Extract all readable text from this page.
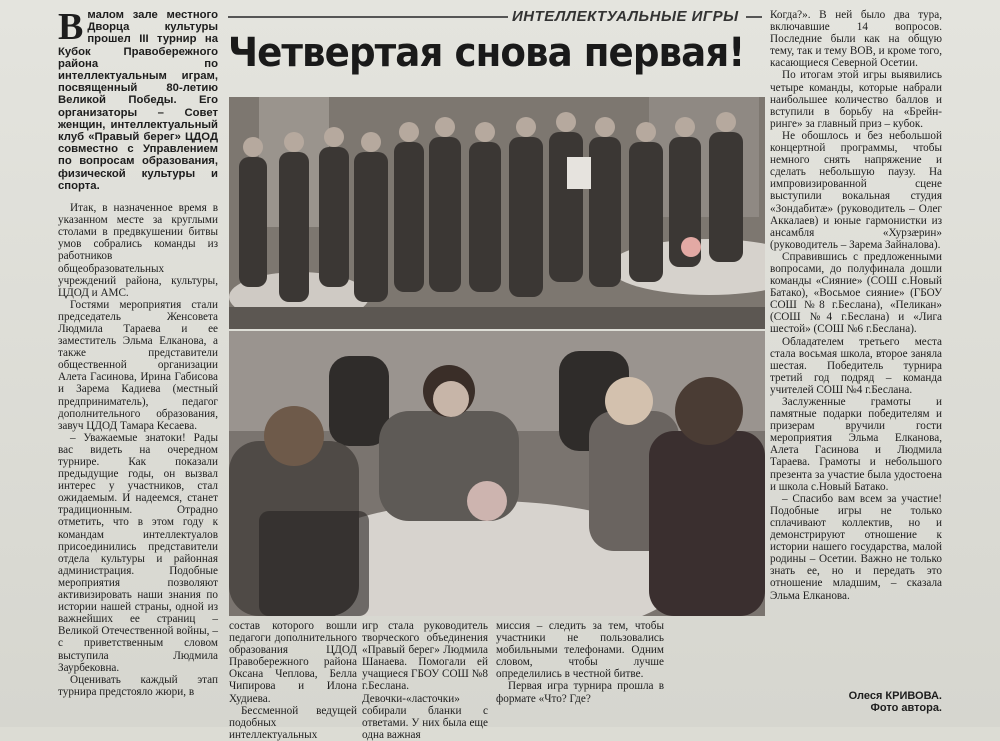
В малом зале местного Дворца культуры прошел III турнир на Кубок Правобережного района по интеллектуальным играм, посвященный 80-летию Великой Победы. Его организаторы – Совет женщин, интеллектуальный клуб «Правый берег» ЦДОД совместно с Управлением по вопросам образования, физической культуры и спорта.

Итак, в назначенное время в указанном месте за круглыми столами в предвкушении битвы умов собрались команды из работников общеобразовательных учреждений района, культуры, ЦДОД и АМС.

Гостями мероприятия стали председатель Женсовета Людмила Тараева и ее заместитель Эльма Елканова, а также представители общественной организации Алета Гасинова, Ирина Габисова и Зарема Кадиева (местный предприниматель), педагог дополнительного образования, завуч ЦДОД Тамара Кесаева.

– Уважаемые знатоки! Рады вас видеть на очередном турнире. Как показали предыдущие годы, он вызвал интерес у участников, стал ожидаемым. И надеемся, станет традиционным. Отрадно отметить, что в этом году к командам интеллектуалов присоединились представители отдела культуры и районная администрация. Подобные мероприятия позволяют активизировать наши знания по истории нашей страны, одной из важнейших ее страниц – Великой Отечественной войны, – с приветственным словом выступила Людмила Заурбековна.

Оценивать каждый этап турнира предстояло жюри, в

ИНТЕЛЛЕКТУАЛЬНЫЕ ИГРЫ
Четвертая снова первая!

состав которого вошли педагоги дополнительного образования ЦДОД Правобережного района Оксана Чеплова, Белла Чипирова и Илона Худиева.

Бессменной ведущей подобных интеллектуальных

игр стала руководитель творческого объединения «Правый берег» Людмила Шанаева. Помогали ей учащиеся ГБОУ СОШ №8 г.Беслана. Девочки-«ласточки» собирали бланки с ответами. У них была еще одна важная

миссия – следить за тем, чтобы участники не пользовались мобильными телефонами. Одним словом, чтобы лучше определились в честной битве.

Первая игра турнира прошла в формате «Что? Где?

Когда?». В ней было два тура, включавшие 14 вопросов. Последние были как на общую тему, так и тему ВОВ, и кроме того, касающиеся Северной Осетии.

По итогам этой игры выявились четыре команды, которые набрали наибольшее количество баллов и вступили в борьбу на «Брейн-ринге» за главный приз – кубок.

Не обошлось и без небольшой концертной программы, чтобы немного снять напряжение и сделать небольшую паузу. На импровизированной сцене выступили вокальная студия «Зондабитæ» (руководитель – Олег Аккалаев) и юные гармонистки из ансамбля «Хурзæрин» (руководитель – Зарема Зайналова).

Справившись с предложенными вопросами, до полуфинала дошли команды «Сияние» (СОШ с.Новый Батако), «Восьмое сияние» (ГБОУ СОШ №8 г.Беслана), «Пеликан» (СОШ №4 г.Беслана) и «Лига шестой» (СОШ №6 г.Беслана).

Обладателем третьего места стала восьмая школа, второе заняла шестая. Победитель турнира третий год подряд – команда учителей СОШ №4 г.Беслана.

Заслуженные грамоты и памятные подарки победителям и призерам вручили гости мероприятия Эльма Елканова, Алета Гасинова и Людмила Тараева. Грамоты и небольшого презента за участие была удостоена и школа с.Новый Батако.

– Спасибо вам всем за участие! Подобные игры не только сплачивают коллектив, но и демонстрируют отношение к истории нашего государства, малой родины – Осетии. Важно не только знать ее, но и передать это отношение младшим, – сказала Эльма Елканова.

Олеся КРИВОВА.
Фото автора.
